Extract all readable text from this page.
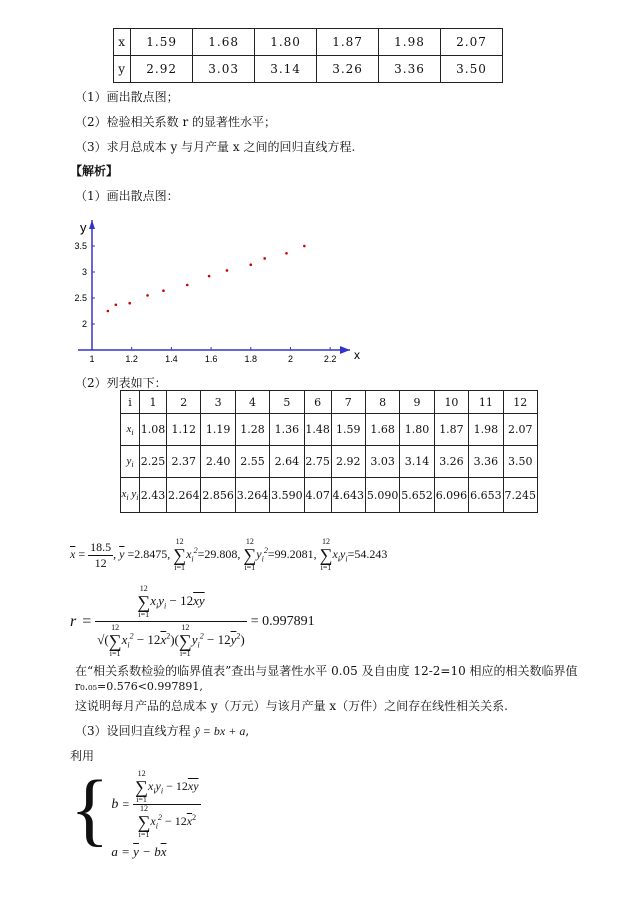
x	1.59	1.68	1.80	1.87	1.98	2.07
y	2.92	3.03	3.14	3.26	3.36	3.50
（1）画出散点图；
（2）检验相关系数 r 的显著性水平；
（3）求月总成本 y 与月产量 x 之间的回归直线方程.
【解析】
（1）画出散点图：
x
y
1	1.2	1.4	1.6	1.8	2	2.2
2
2.5
3
3.5
（2）列表如下：
i	1	2	3	4	5	6	7	8	9	10	11	12
$x_i$	1.08	1.12	1.19	1.28	1.36	1.48	1.59	1.68	1.80	1.87	1.98	2.07
$y_i$	2.25	2.37	2.40	2.55	2.64	2.75	2.92	3.03	3.14	3.26	3.36	3.50
$x_i$ $y_i$	2.43	2.264	2.856	3.264	3.590	4.07	4.643	5.090	5.652	6.096	6.653	7.245
$\overline{x} = \frac{18.5}{12}$ , $\overline{y} =2.8475$,
12
∑
i=1
$x_i^2=29.808$,
12
∑
i=1
$y_i^2=99.2081$,
12
∑
i=1
$x_iy_i=54.243$
r = 12
∑
i=1
$x_iy_i - 12\overline{xy}$
√(
12
∑
i=1
$x_i^2 - 12\overline{x}^2$)(
12
∑
i=1
$y_i^2 - 12\overline{y}^2) = 0.997891$
在“相关系数检验的临界值表”查出与显著性水平 0.05 及自由度 12-2=10 相应的相关数临界值
r₀.₀₅=0.576<0.997891,
这说明每月产品的总成本 y（万元）与该月产量 x（万件）之间存在线性相关关系.
（3）设回归直线方程 ŷ = bx + a,
利用
{ b = 12
∑
i=1
$x_iy_i - 12\overline{xy}$
12
∑
i=1
$x_i^2 - 12\overline{x}^2$
$a = \overline{y} - b\overline{x}$
